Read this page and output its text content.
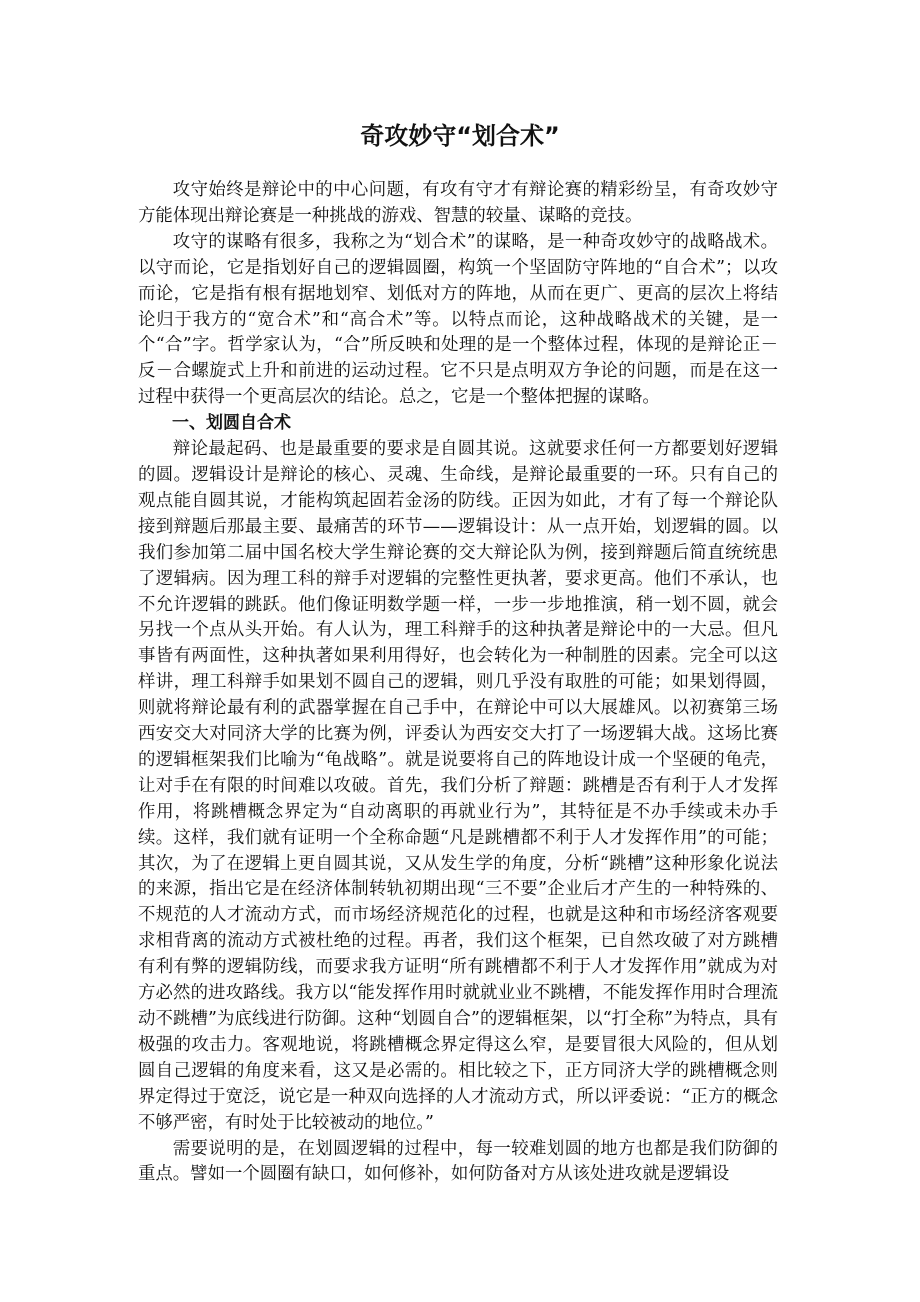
奇攻妙守“划合术”

攻守始终是辩论中的中心问题，有攻有守才有辩论赛的精彩纷呈，有奇攻妙守方能体现出辩论赛是一种挑战的游戏、智慧的较量、谋略的竞技。

攻守的谋略有很多，我称之为“划合术”的谋略，是一种奇攻妙守的战略战术。以守而论，它是指划好自己的逻辑圆圈，构筑一个坚固防守阵地的“自合术”；以攻而论，它是指有根有据地划窄、划低对方的阵地，从而在更广、更高的层次上将结论归于我方的“宽合术”和“高合术”等。以特点而论，这种战略战术的关键，是一个“合”字。哲学家认为，“合”所反映和处理的是一个整体过程，体现的是辩论正－反－合螺旋式上升和前进的运动过程。它不只是点明双方争论的问题，而是在这一过程中获得一个更高层次的结论。总之，它是一个整体把握的谋略。

一、划圆自合术

辩论最起码、也是最重要的要求是自圆其说。这就要求任何一方都要划好逻辑的圆。逻辑设计是辩论的核心、灵魂、生命线，是辩论最重要的一环。只有自己的观点能自圆其说，才能构筑起固若金汤的防线。正因为如此，才有了每一个辩论队接到辩题后那最主要、最痛苦的环节——逻辑设计：从一点开始，划逻辑的圆。以我们参加第二届中国名校大学生辩论赛的交大辩论队为例，接到辩题后简直统统患了逻辑病。因为理工科的辩手对逻辑的完整性更执著，要求更高。他们不承认，也不允许逻辑的跳跃。他们像证明数学题一样，一步一步地推演，稍一划不圆，就会另找一个点从头开始。有人认为，理工科辩手的这种执著是辩论中的一大忌。但凡事皆有两面性，这种执著如果利用得好，也会转化为一种制胜的因素。完全可以这样讲，理工科辩手如果划不圆自己的逻辑，则几乎没有取胜的可能；如果划得圆，则就将辩论最有利的武器掌握在自己手中，在辩论中可以大展雄风。以初赛第三场西安交大对同济大学的比赛为例，评委认为西安交大打了一场逻辑大战。这场比赛的逻辑框架我们比喻为“龟战略”。就是说要将自己的阵地设计成一个坚硬的龟壳，让对手在有限的时间难以攻破。首先，我们分析了辩题：跳槽是否有利于人才发挥作用，将跳槽概念界定为“自动离职的再就业行为”，其特征是不办手续或未办手续。这样，我们就有证明一个全称命题“凡是跳槽都不利于人才发挥作用”的可能；其次，为了在逻辑上更自圆其说，又从发生学的角度，分析“跳槽”这种形象化说法的来源，指出它是在经济体制转轨初期出现“三不要”企业后才产生的一种特殊的、不规范的人才流动方式，而市场经济规范化的过程，也就是这种和市场经济客观要求相背离的流动方式被杜绝的过程。再者，我们这个框架，已自然攻破了对方跳槽有利有弊的逻辑防线，而要求我方证明“所有跳槽都不利于人才发挥作用”就成为对方必然的进攻路线。我方以“能发挥作用时就就业业不跳槽，不能发挥作用时合理流动不跳槽”为底线进行防御。这种“划圆自合”的逻辑框架，以“打全称”为特点，具有极强的攻击力。客观地说，将跳槽概念界定得这么窄，是要冒很大风险的，但从划圆自己逻辑的角度来看，这又是必需的。相比较之下，正方同济大学的跳槽概念则界定得过于宽泛，说它是一种双向选择的人才流动方式，所以评委说：“正方的概念不够严密，有时处于比较被动的地位。”

需要说明的是，在划圆逻辑的过程中，每一较难划圆的地方也都是我们防御的重点。譬如一个圆圈有缺口，如何修补，如何防备对方从该处进攻就是逻辑设
